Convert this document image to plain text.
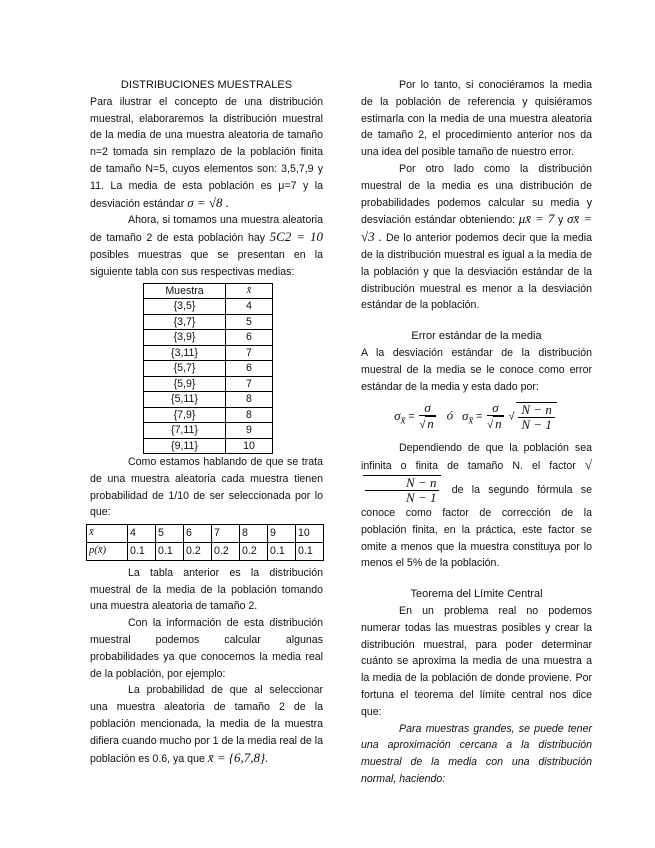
DISTRIBUCIONES MUESTRALES

Para ilustrar el concepto de una distribución muestral, elaboraremos la distribución muestral de la media de una muestra aleatoria de tamaño n=2 tomada sin remplazo de la población finita de tamaño N=5, cuyos elementos son: 3,5,7,9 y 11. La media de esta población es μ=7 y la desviación estándar σ = √8 .

Ahora, si tomamos una muestra aleatoria de tamaño 2 de esta población hay 5C2 = 10 posibles muestras que se presentan en la siguiente tabla con sus respectivas medias:

Muestra	x̄
{3,5}	4
{3,7}	5
{3,9}	6
{3,11}	7
{5,7}	6
{5,9}	7
{5,11}	8
{7,9}	8
{7,11}	9
{9,11}	10

Como estamos hablando de que se trata de una muestra aleatoria cada muestra tienen probabilidad de 1/10 de ser seleccionada por lo que:

x̄	4	5	6	7	8	9	10
p(x̄)	0.1	0.1	0.2	0.2	0.2	0.1	0.1

La tabla anterior es la distribución muestral de la media de la población tomando una muestra aleatoria de tamaño 2.

Con la información de esta distribución muestral podemos calcular algunas probabilidades ya que conocemos la media real de la población, por ejemplo:

La probabilidad de que al seleccionar una muestra aleatoria de tamaño 2 de la población mencionada, la media de la muestra difiera cuando mucho por 1 de la media real de la población es 0.6, ya que x̄ = {6,7,8}.

Por lo tanto, si conociéramos la media de la población de referencia y quisiéramos estimarla con la media de una muestra aleatoria de tamaño 2, el procedimiento anterior nos da una idea del posible tamaño de nuestro error.

Por otro lado como la distribución muestral de la media es una distribución de probabilidades podemos calcular su media y desviación estándar obteniendo: μx̄ = 7 y σx̄ = √3 . De lo anterior podemos decir que la media de la distribución muestral es igual a la media de la población y que la desviación estándar de la distribución muestral es menor a la desviación estándar de la población.

Error estándar de la media

A la desviación estándar de la distribución muestral de la media se le conoce como error estándar de la media y esta dado por:

$\sigma_{x̄} = \frac{\sigma}{√ n}$ ó $\sigma_{x̄} = \frac{\sigma}{√ n}$ √ $\frac{N - n}{N - 1}$

Dependiendo de que la población sea infinita o finita de tamaño N. el factor √
$\frac{N - n}{N - 1}$ de la segundo fórmula se conoce como factor de corrección de la población finita, en la práctica, este factor se omite a menos que la muestra constituya por lo menos el 5% de la población.

Teorema del Límite Central

En un problema real no podemos numerar todas las muestras posibles y crear la distribución muestral, para poder determinar cuánto se aproxima la media de una muestra a la media de la población de donde proviene. Por fortuna el teorema del límite central nos dice que:

Para muestras grandes, se puede tener una aproximación cercana a la distribución muestral de la media con una distribución normal, haciendo:
